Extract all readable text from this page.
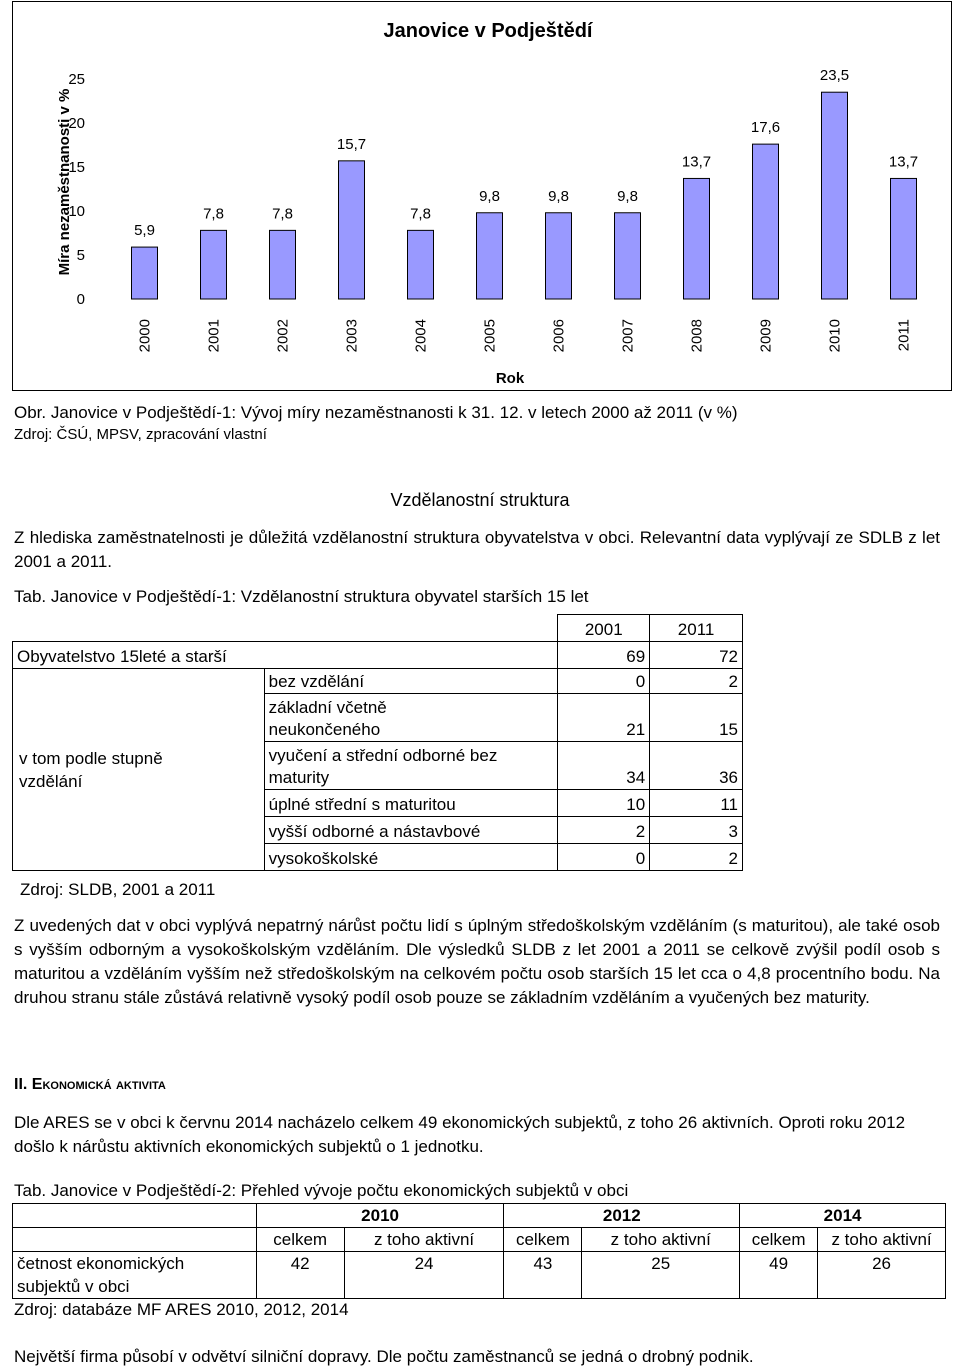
Janovice v Podještědí
Míra nezaměstnanosti v %
0
5
10
15
20
25
5,9
2000
7,8
2001
7,8
2002
15,7
2003
7,8
2004
9,8
2005
9,8
2006
9,8
2007
13,7
2008
17,6
2009
23,5
2010
13,7
2011
Rok
Obr. Janovice v Podještědí-1: Vývoj míry nezaměstnanosti k 31. 12. v letech 2000 až 2011 (v %)
Zdroj: ČSÚ, MPSV, zpracování vlastní
Vzdělanostní struktura
Z hlediska zaměstnatelnosti je důležitá vzdělanostní struktura obyvatelstva v obci. Relevantní data vyplývají ze SDLB z let 2001 a 2011.
Tab. Janovice v Podještědí-1: Vzdělanostní struktura obyvatel starších 15 let
		2001	2011
Obyvatelstvo 15leté a starší		69	72
v tom podle stupně vzdělání	bez vzdělání	0	2
	základní včetně neukončeného	21	15
	vyučení a střední odborné bez maturity	34	36
	úplné střední s maturitou	10	11
	vyšší odborné a nástavbové	2	3
	vysokoškolské	0	2
Zdroj: SLDB, 2001 a 2011
Z uvedených dat v obci vyplývá nepatrný nárůst počtu lidí s úplným středoškolským vzděláním (s maturitou), ale také osob s vyšším odborným a vysokoškolským vzděláním. Dle výsledků SLDB z let 2001 a 2011 se celkově zvýšil podíl osob s maturitou a vzděláním vyšším než středoškolským na celkovém počtu osob starších 15 let cca o 4,8 procentního bodu. Na druhou stranu stále zůstává relativně vysoký podíl osob pouze se základním vzděláním a vyučených bez maturity.
II. Ekonomická aktivita
Dle ARES se v obci k červnu 2014 nacházelo celkem 49 ekonomických subjektů, z toho 26 aktivních. Oproti roku 2012 došlo k nárůstu aktivních ekonomických subjektů o 1 jednotku.
Tab. Janovice v Podještědí-2: Přehled vývoje počtu ekonomických subjektů v obci
	2010		2012		2014	
	celkem	z toho aktivní	celkem	z toho aktivní	celkem	z toho aktivní
četnost ekonomických subjektů v obci	42	24	43	25	49	26
Zdroj: databáze MF ARES 2010, 2012, 2014
Největší firma působí v odvětví silniční dopravy. Dle počtu zaměstnanců se jedná o drobný podnik.
